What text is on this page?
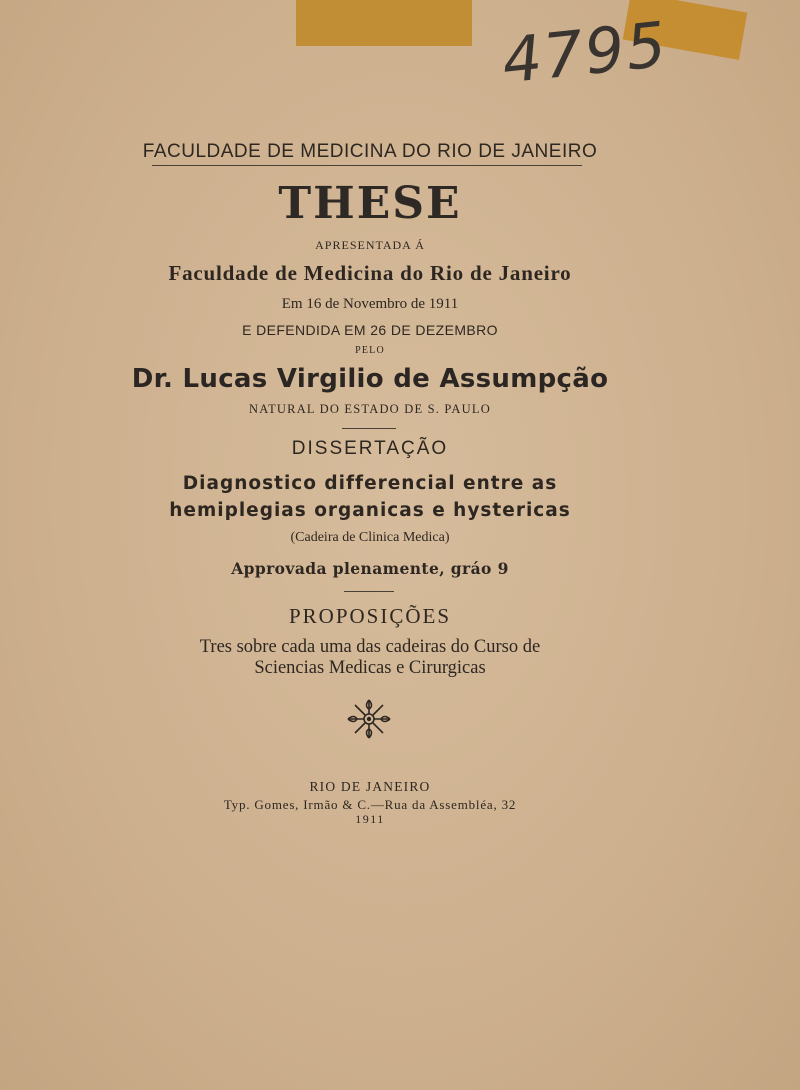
4795
FACULDADE DE MEDICINA DO RIO DE JANEIRO
THESE
APRESENTADA Á
Faculdade de Medicina do Rio de Janeiro
Em 16 de Novembro de 1911
E DEFENDIDA EM 26 DE DEZEMBRO
PELO
Dr. Lucas Virgilio de Assumpção
NATURAL DO ESTADO DE S. PAULO
DISSERTAÇÃO
Diagnostico differencial entre as
hemiplegias organicas e hystericas
(Cadeira de Clinica Medica)
Approvada plenamente, gráo 9
PROPOSIÇÕES
Tres sobre cada uma das cadeiras do Curso de
Sciencias Medicas e Cirurgicas
RIO DE JANEIRO
Typ. Gomes, Irmão & C.—Rua da Assembléa, 32
1911
